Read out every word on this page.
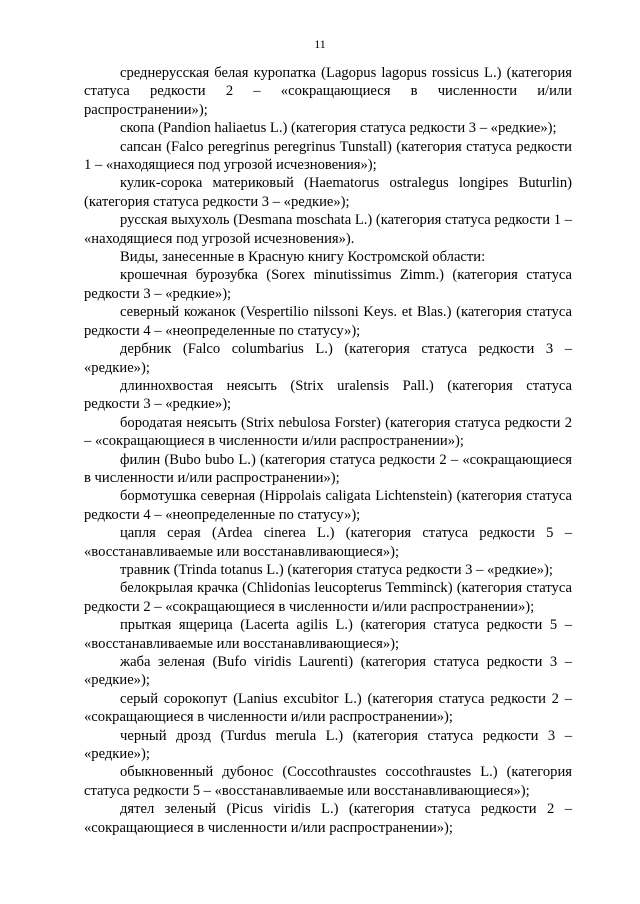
11

среднерусская белая куропатка (Lagopus lagopus rossicus L.) (категория статуса редкости 2 – «сокращающиеся в численности и/или распространении»);

скопа (Pandion haliaetus L.) (категория статуса редкости 3 – «редкие»);

сапсан (Falco peregrinus peregrinus Tunstall) (категория статуса редкости 1 – «находящиеся под угрозой исчезновения»);

кулик-сорока материковый (Haematorus ostralegus longipes Buturlin) (категория статуса редкости 3 – «редкие»);

русская выхухоль (Desmana moschata L.) (категория статуса редкости 1 – «находящиеся под угрозой исчезновения»).

Виды, занесенные в Красную книгу Костромской области:

крошечная бурозубка (Sorex minutissimus Zimm.) (категория статуса редкости 3 – «редкие»);

северный кожанок (Vespertilio nilssoni Keys. et Blas.) (категория статуса редкости 4 – «неопределенные по статусу»);

дербник (Falco columbarius L.) (категория статуса редкости 3 – «редкие»);

длиннохвостая неясыть (Strix uralensis Pall.) (категория статуса редкости 3 – «редкие»);

бородатая неясыть (Strix nebulosa Forster) (категория статуса редкости 2 – «сокращающиеся в численности и/или распространении»);

филин (Bubo bubo L.) (категория статуса редкости 2 – «сокращающиеся в численности и/или распространении»);

бормотушка северная (Hippolais caligata Lichtenstein) (категория статуса редкости 4 – «неопределенные по статусу»);

цапля серая (Ardea cinerea L.) (категория статуса редкости 5 – «восстанавливаемые или восстанавливающиеся»);

травник (Trinda totanus L.) (категория статуса редкости 3 – «редкие»);

белокрылая крачка (Chlidonias leucopterus Temminck) (категория статуса редкости 2 – «сокращающиеся в численности и/или распространении»);

прыткая ящерица (Lacerta agilis L.) (категория статуса редкости 5 – «восстанавливаемые или восстанавливающиеся»);

жаба зеленая (Bufo viridis Laurenti) (категория статуса редкости 3 – «редкие»);

серый сорокопут (Lanius excubitor L.) (категория статуса редкости 2 – «сокращающиеся в численности и/или распространении»);

черный дрозд (Turdus merula L.) (категория статуса редкости 3 – «редкие»);

обыкновенный дубонос (Coccothraustes coccothraustes L.) (категория статуса редкости 5 – «восстанавливаемые или восстанавливающиеся»);

дятел зеленый (Picus viridis L.) (категория статуса редкости 2 – «сокращающиеся в численности и/или распространении»);
